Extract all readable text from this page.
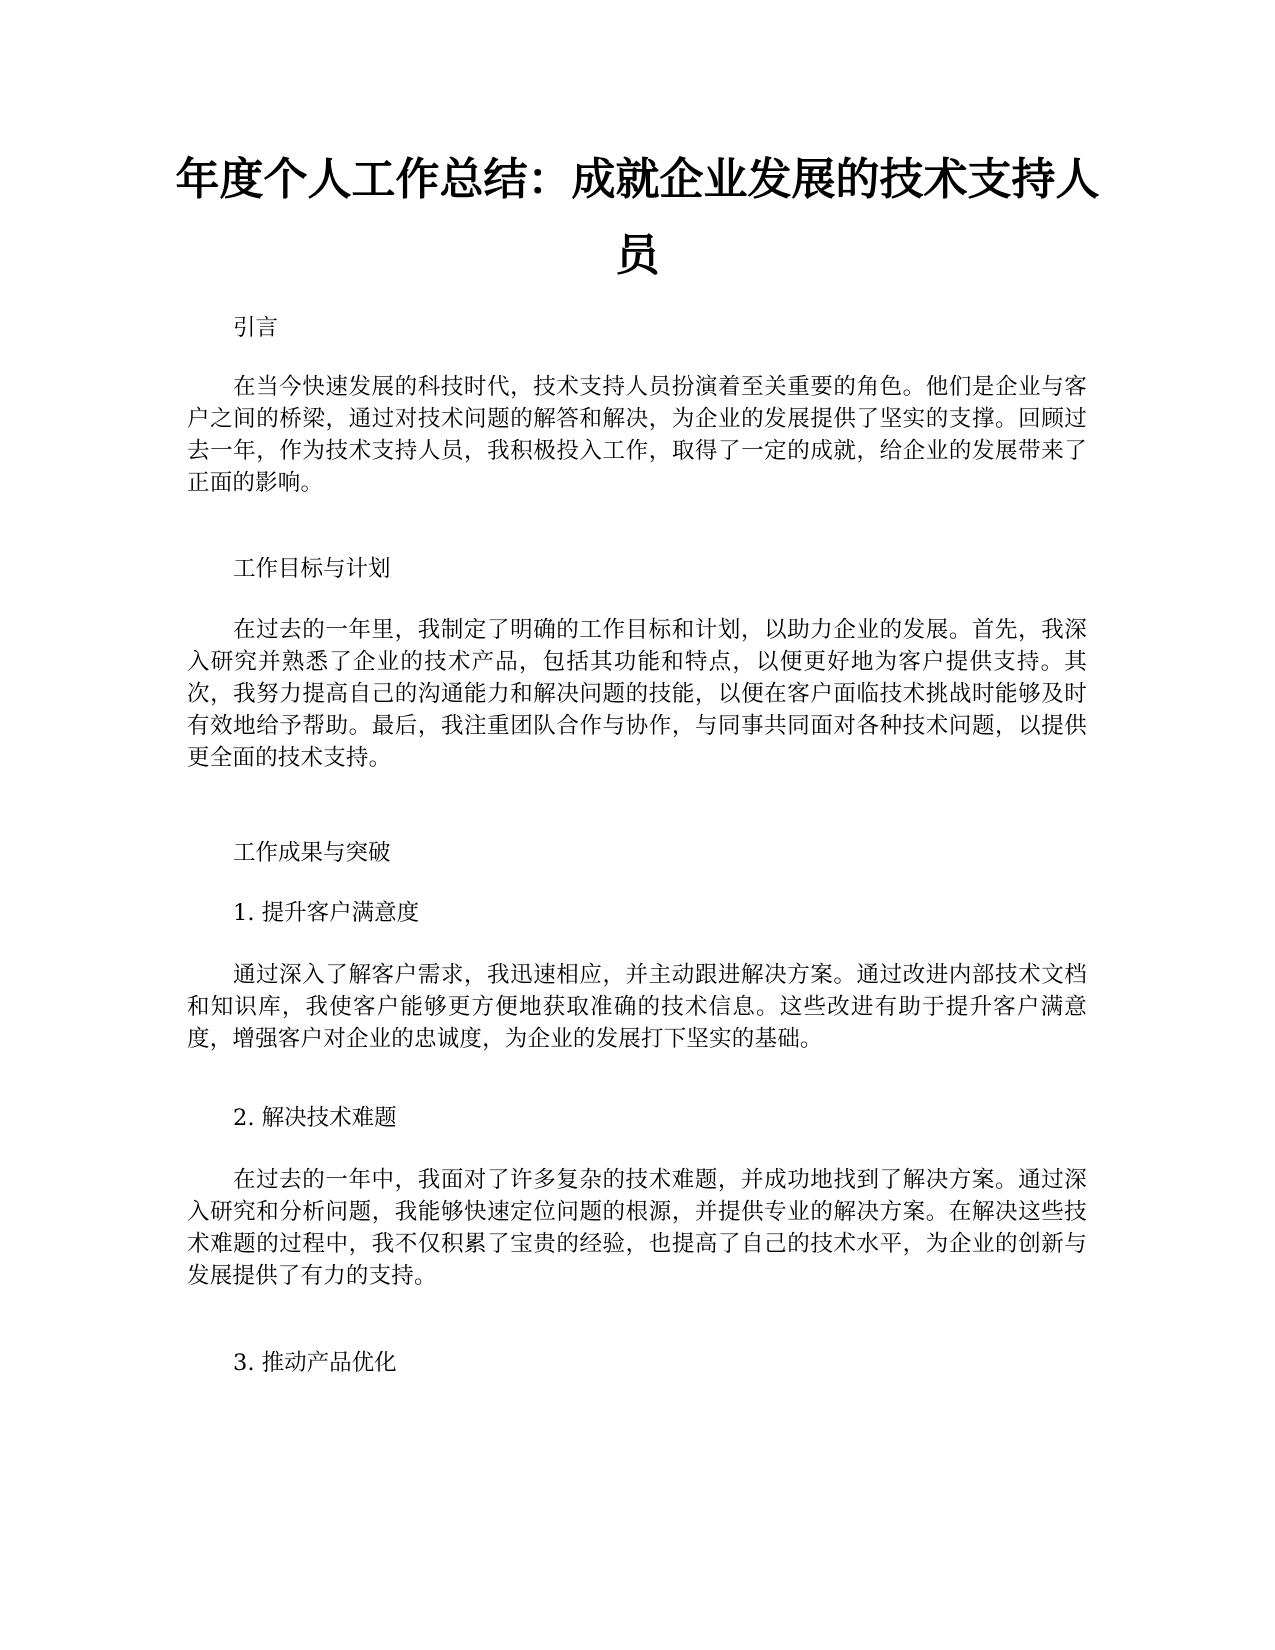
年度个人工作总结：成就企业发展的技术支持人员

引言

在当今快速发展的科技时代，技术支持人员扮演着至关重要的角色。他们是企业与客户之间的桥梁，通过对技术问题的解答和解决，为企业的发展提供了坚实的支撑。回顾过去一年，作为技术支持人员，我积极投入工作，取得了一定的成就，给企业的发展带来了正面的影响。

工作目标与计划

在过去的一年里，我制定了明确的工作目标和计划，以助力企业的发展。首先，我深入研究并熟悉了企业的技术产品，包括其功能和特点，以便更好地为客户提供支持。其次，我努力提高自己的沟通能力和解决问题的技能，以便在客户面临技术挑战时能够及时有效地给予帮助。最后，我注重团队合作与协作，与同事共同面对各种技术问题，以提供更全面的技术支持。

工作成果与突破

1. 提升客户满意度

通过深入了解客户需求，我迅速相应，并主动跟进解决方案。通过改进内部技术文档和知识库，我使客户能够更方便地获取准确的技术信息。这些改进有助于提升客户满意度，增强客户对企业的忠诚度，为企业的发展打下坚实的基础。

2. 解决技术难题

在过去的一年中，我面对了许多复杂的技术难题，并成功地找到了解决方案。通过深入研究和分析问题，我能够快速定位问题的根源，并提供专业的解决方案。在解决这些技术难题的过程中，我不仅积累了宝贵的经验，也提高了自己的技术水平，为企业的创新与发展提供了有力的支持。

3. 推动产品优化
